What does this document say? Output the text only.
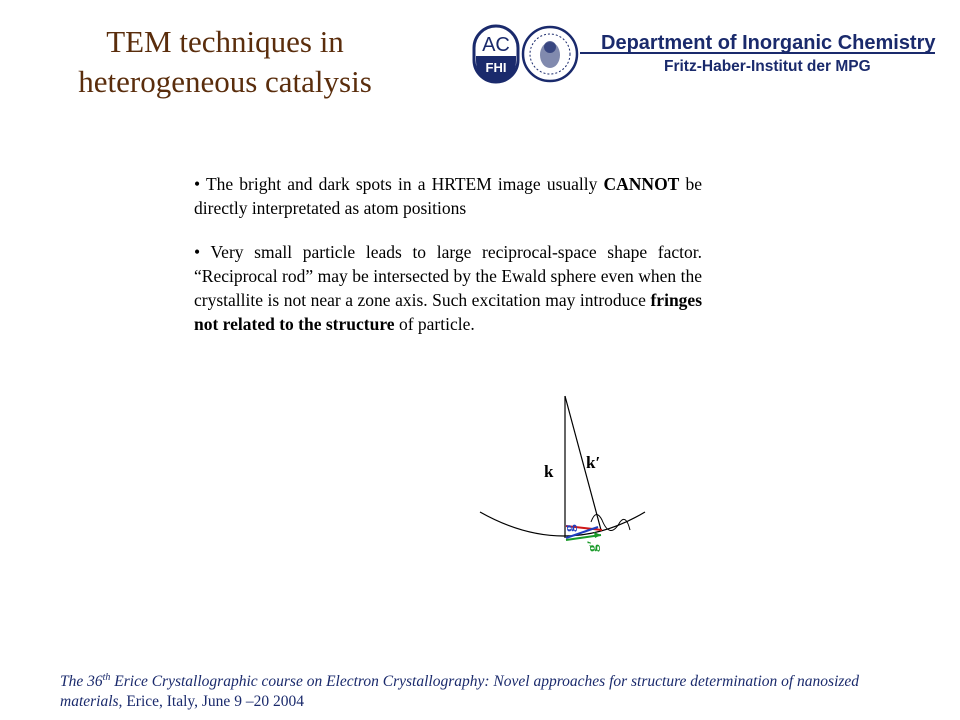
TEM techniques in
heterogeneous catalysis
AC
FHI
Department of Inorganic Chemistry
Fritz-Haber-Institut der MPG

• The bright and dark spots in a HRTEM image usually CANNOT be directly interpretated as atom positions

• Very small particle leads to large reciprocal-space shape factor. “Reciprocal rod” may be intersected by the Ewald sphere even when the crystallite is not near a zone axis. Such excitation may introduce fringes not related to the structure of particle.

k k′
g
g′
The 36th Erice Crystallographic course on Electron Crystallography: Novel approaches for structure determination of nanosized materials, Erice, Italy, June 9 –20 2004
